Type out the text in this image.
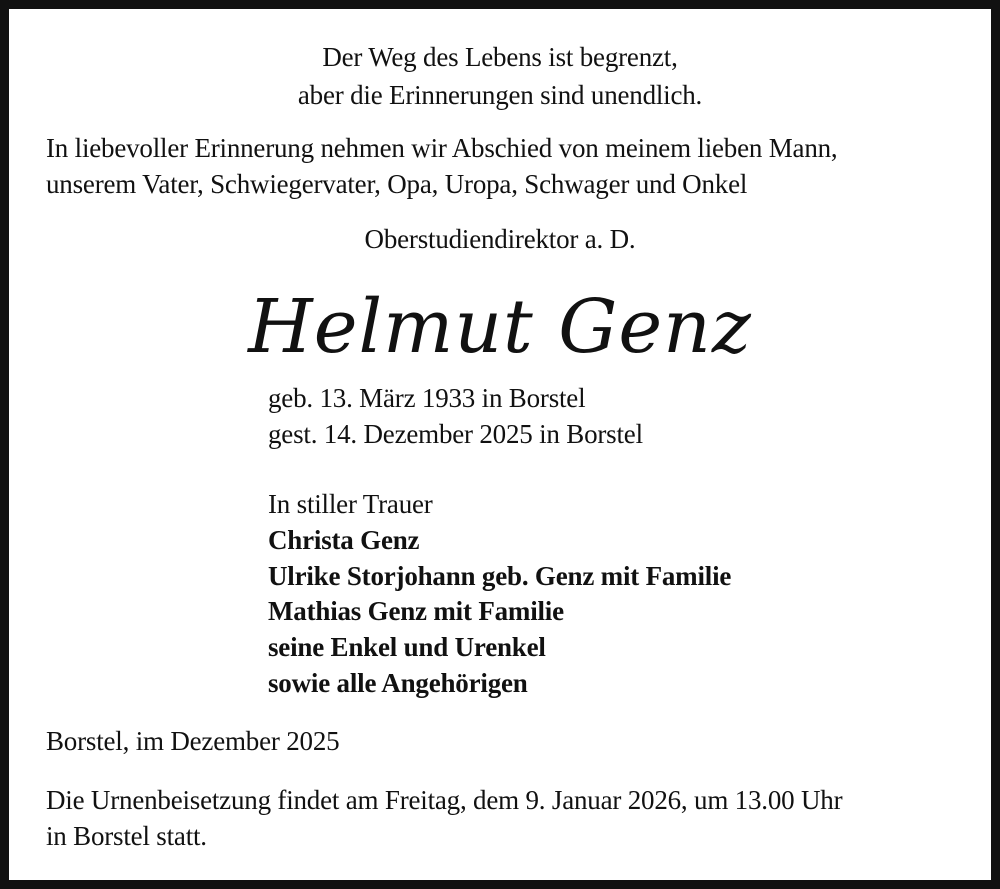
Der Weg des Lebens ist begrenzt,
aber die Erinnerungen sind unendlich.
In liebevoller Erinnerung nehmen wir Abschied von meinem lieben Mann,
unserem Vater, Schwiegervater, Opa, Uropa, Schwager und Onkel
Oberstudiendirektor a. D.
Helmut Genz
geb. 13. März 1933 in Borstel
gest. 14. Dezember 2025 in Borstel
In stiller Trauer
Christa Genz
Ulrike Storjohann geb. Genz mit Familie
Mathias Genz mit Familie
seine Enkel und Urenkel
sowie alle Angehörigen
Borstel, im Dezember 2025
Die Urnenbeisetzung findet am Freitag, dem 9. Januar 2026, um 13.00 Uhr
in Borstel statt.
